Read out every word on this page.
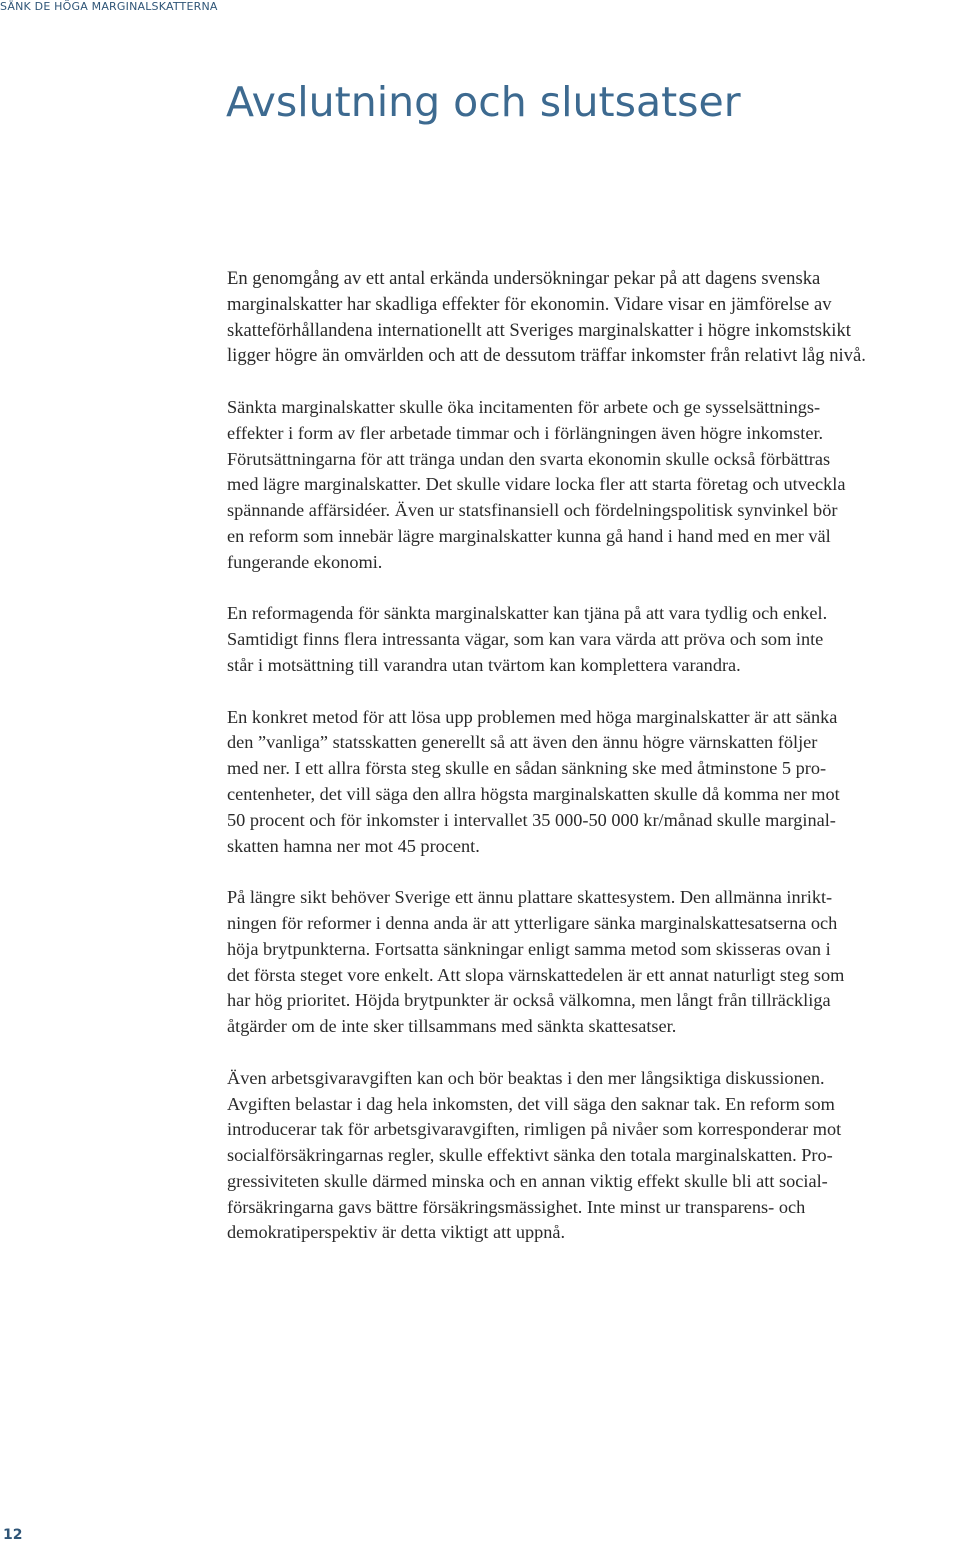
SÄNK DE HÖGA MARGINALSKATTERNA
Avslutning och slutsatser

En genomgång av ett antal erkända undersökningar pekar på att dagens svenska
marginalskatter har skadliga effekter för ekonomin. Vidare visar en jämförelse av
skatteförhållandena internationellt att Sveriges marginalskatter i högre inkomstskikt
ligger högre än omvärlden och att de dessutom träffar inkomster från relativt låg nivå.

Sänkta marginalskatter skulle öka incitamenten för arbete och ge sysselsättnings-
effekter i form av fler arbetade timmar och i förlängningen även högre inkomster.
Förutsättningarna för att tränga undan den svarta ekonomin skulle också förbättras
med lägre marginalskatter. Det skulle vidare locka fler att starta företag och utveckla
spännande affärsidéer. Även ur statsfinansiell och fördelningspolitisk synvinkel bör
en reform som innebär lägre marginalskatter kunna gå hand i hand med en mer väl
fungerande ekonomi.

En reformagenda för sänkta marginalskatter kan tjäna på att vara tydlig och enkel.
Samtidigt finns flera intressanta vägar, som kan vara värda att pröva och som inte
står i motsättning till varandra utan tvärtom kan komplettera varandra.

En konkret metod för att lösa upp problemen med höga marginalskatter är att sänka
den ”vanliga” statsskatten generellt så att även den ännu högre värnskatten följer
med ner. I ett allra första steg skulle en sådan sänkning ske med åtminstone 5 pro-
centenheter, det vill säga den allra högsta marginalskatten skulle då komma ner mot
50 procent och för inkomster i intervallet 35 000-50 000 kr/månad skulle marginal-
skatten hamna ner mot 45 procent.

På längre sikt behöver Sverige ett ännu plattare skattesystem. Den allmänna inrikt-
ningen för reformer i denna anda är att ytterligare sänka marginalskattesatserna och
höja brytpunkterna. Fortsatta sänkningar enligt samma metod som skisseras ovan i
det första steget vore enkelt. Att slopa värnskattedelen är ett annat naturligt steg som
har hög prioritet. Höjda brytpunkter är också välkomna, men långt från tillräckliga
åtgärder om de inte sker tillsammans med sänkta skattesatser.

Även arbetsgivaravgiften kan och bör beaktas i den mer långsiktiga diskussionen.
Avgiften belastar i dag hela inkomsten, det vill säga den saknar tak. En reform som
introducerar tak för arbetsgivaravgiften, rimligen på nivåer som korresponderar mot
socialförsäkringarnas regler, skulle effektivt sänka den totala marginalskatten. Pro-
gressiviteten skulle därmed minska och en annan viktig effekt skulle bli att social-
försäkringarna gavs bättre försäkringsmässighet. Inte minst ur transparens- och
demokratiperspektiv är detta viktigt att uppnå.

12
